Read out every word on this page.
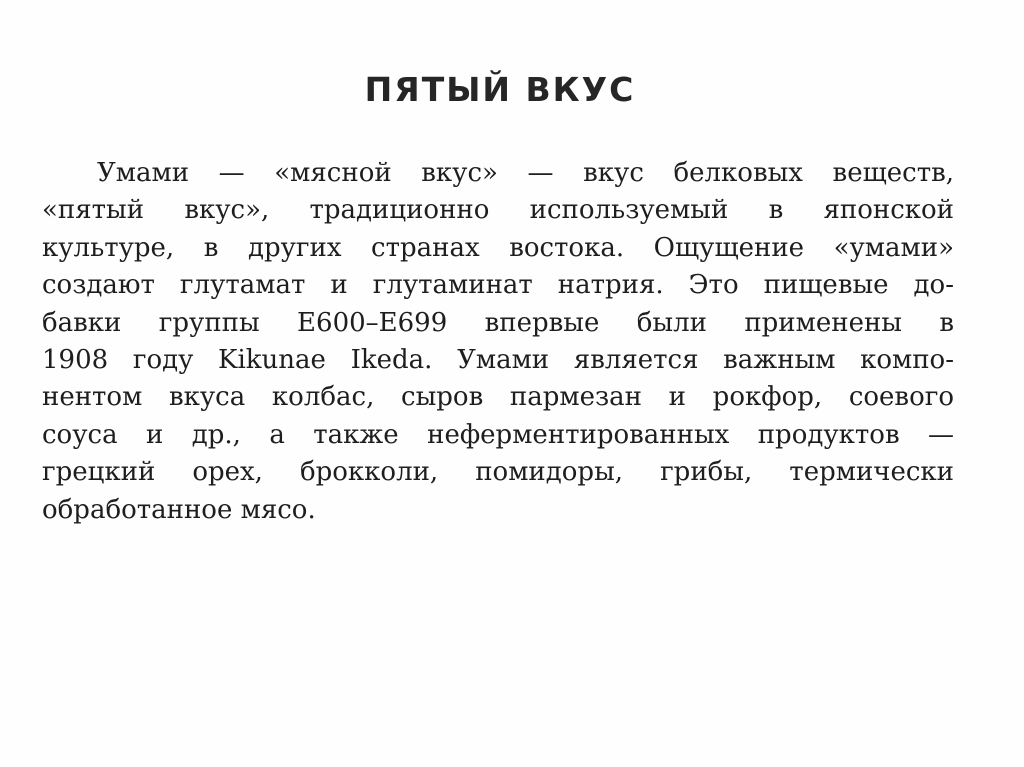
ПЯТЫЙ ВКУС
Умами — «мясной вкус» — вкус белковых веществ,
«пятый вкус», традиционно используемый в японской
культуре, в других странах востока. Ощущение «умами»
создают глутамат и глутаминат натрия. Это пищевые до-
бавки группы Е600–Е699 впервые были применены в
1908 году Kikunae Ikeda. Умами является важным компо-
нентом вкуса колбас, сыров пармезан и рокфор, соевого
соуса и др., а также неферментированных продуктов —
грецкий орех, брокколи, помидоры, грибы, термически
обработанное мясо.
